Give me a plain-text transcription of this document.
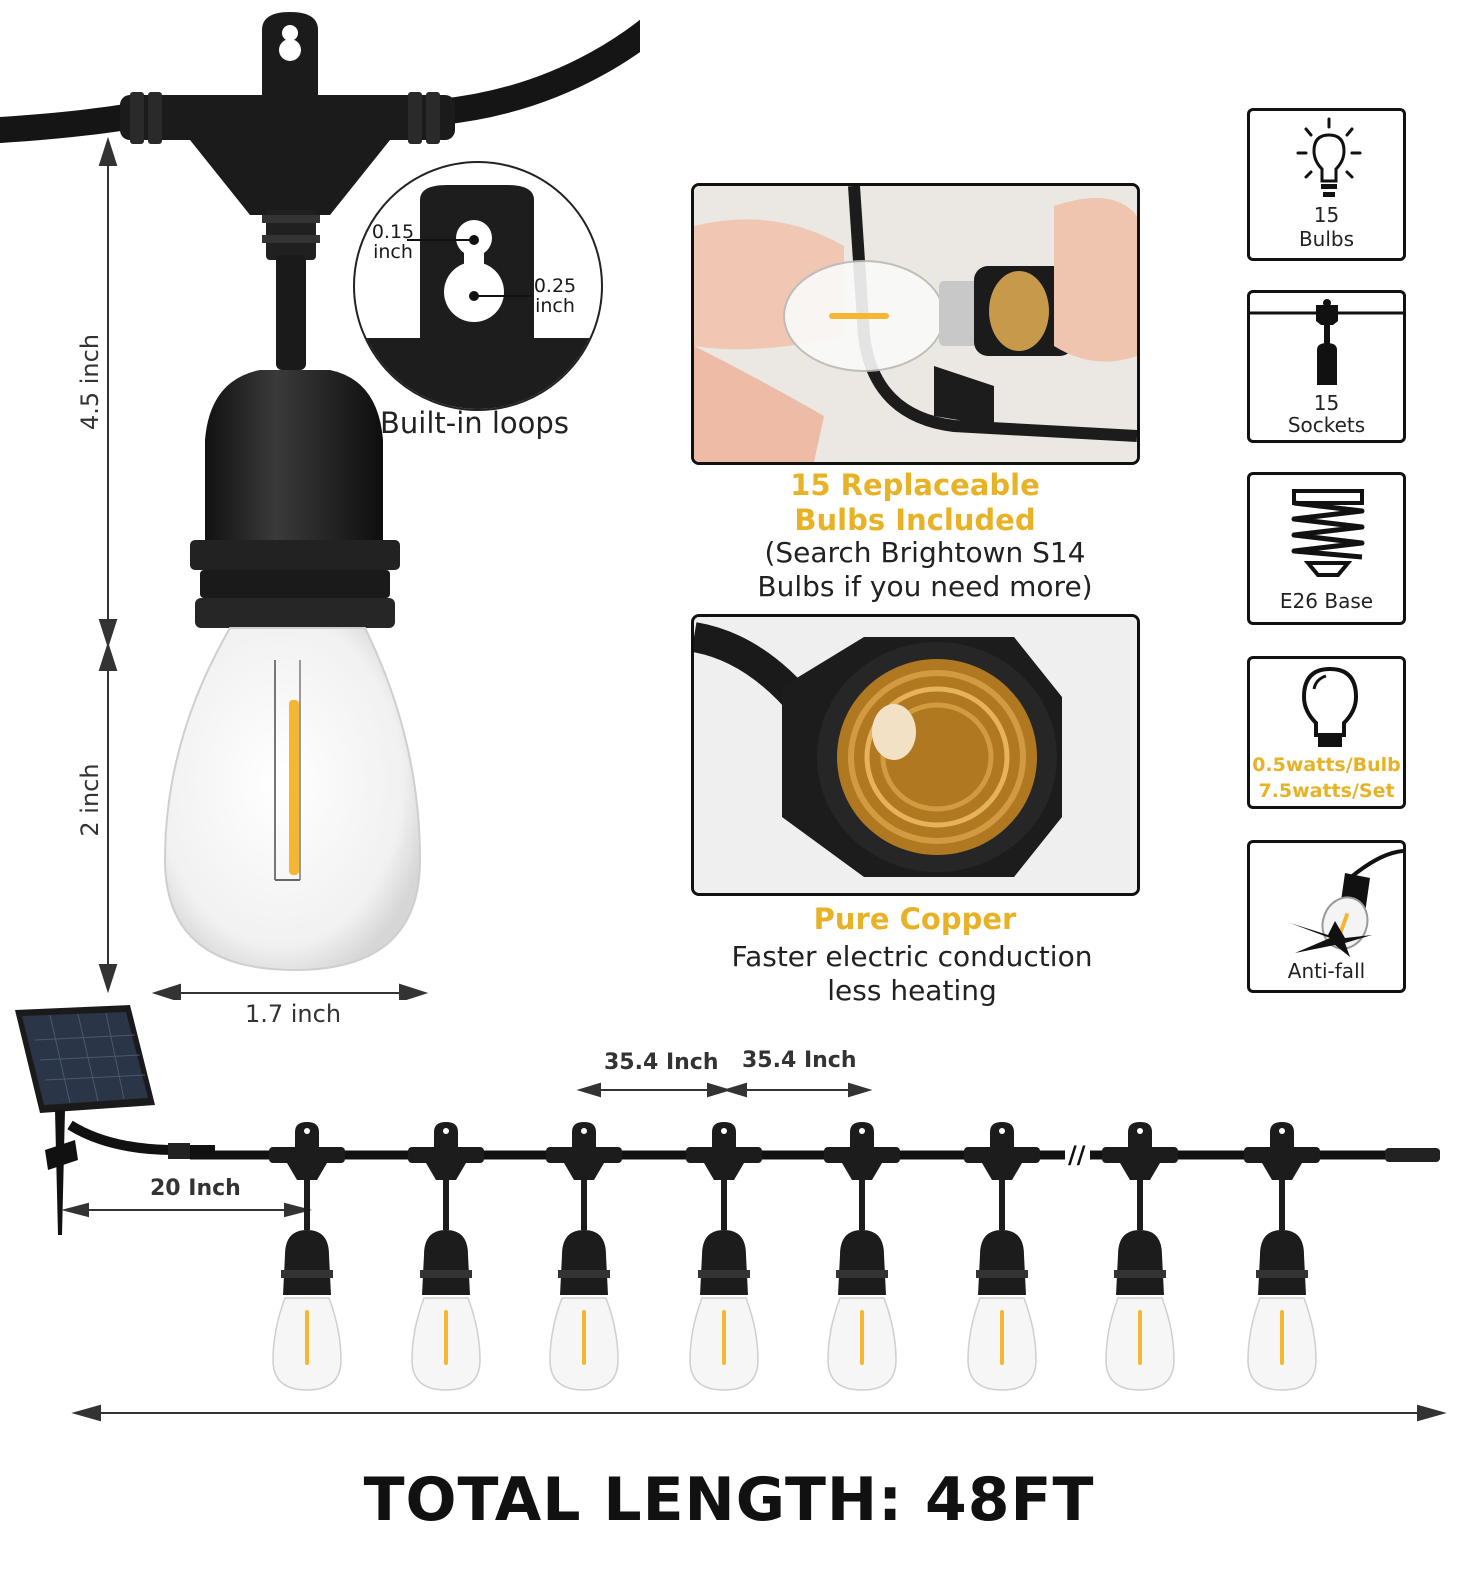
4.5 inch
2 inch
1.7 inch
0.15 inch
0.25 inch
Built-in loops
15 Replaceable Bulbs Included
(Search Brightown S14 Bulbs if you need more)
Pure Copper
Faster electric conduction less heating
15
Bulbs
15
Sockets
E26 Base
0.5watts/Bulb
7.5watts/Set
Anti-fall
//
35.4 Inch 35.4 Inch
20 Inch
TOTAL LENGTH: 48FT
